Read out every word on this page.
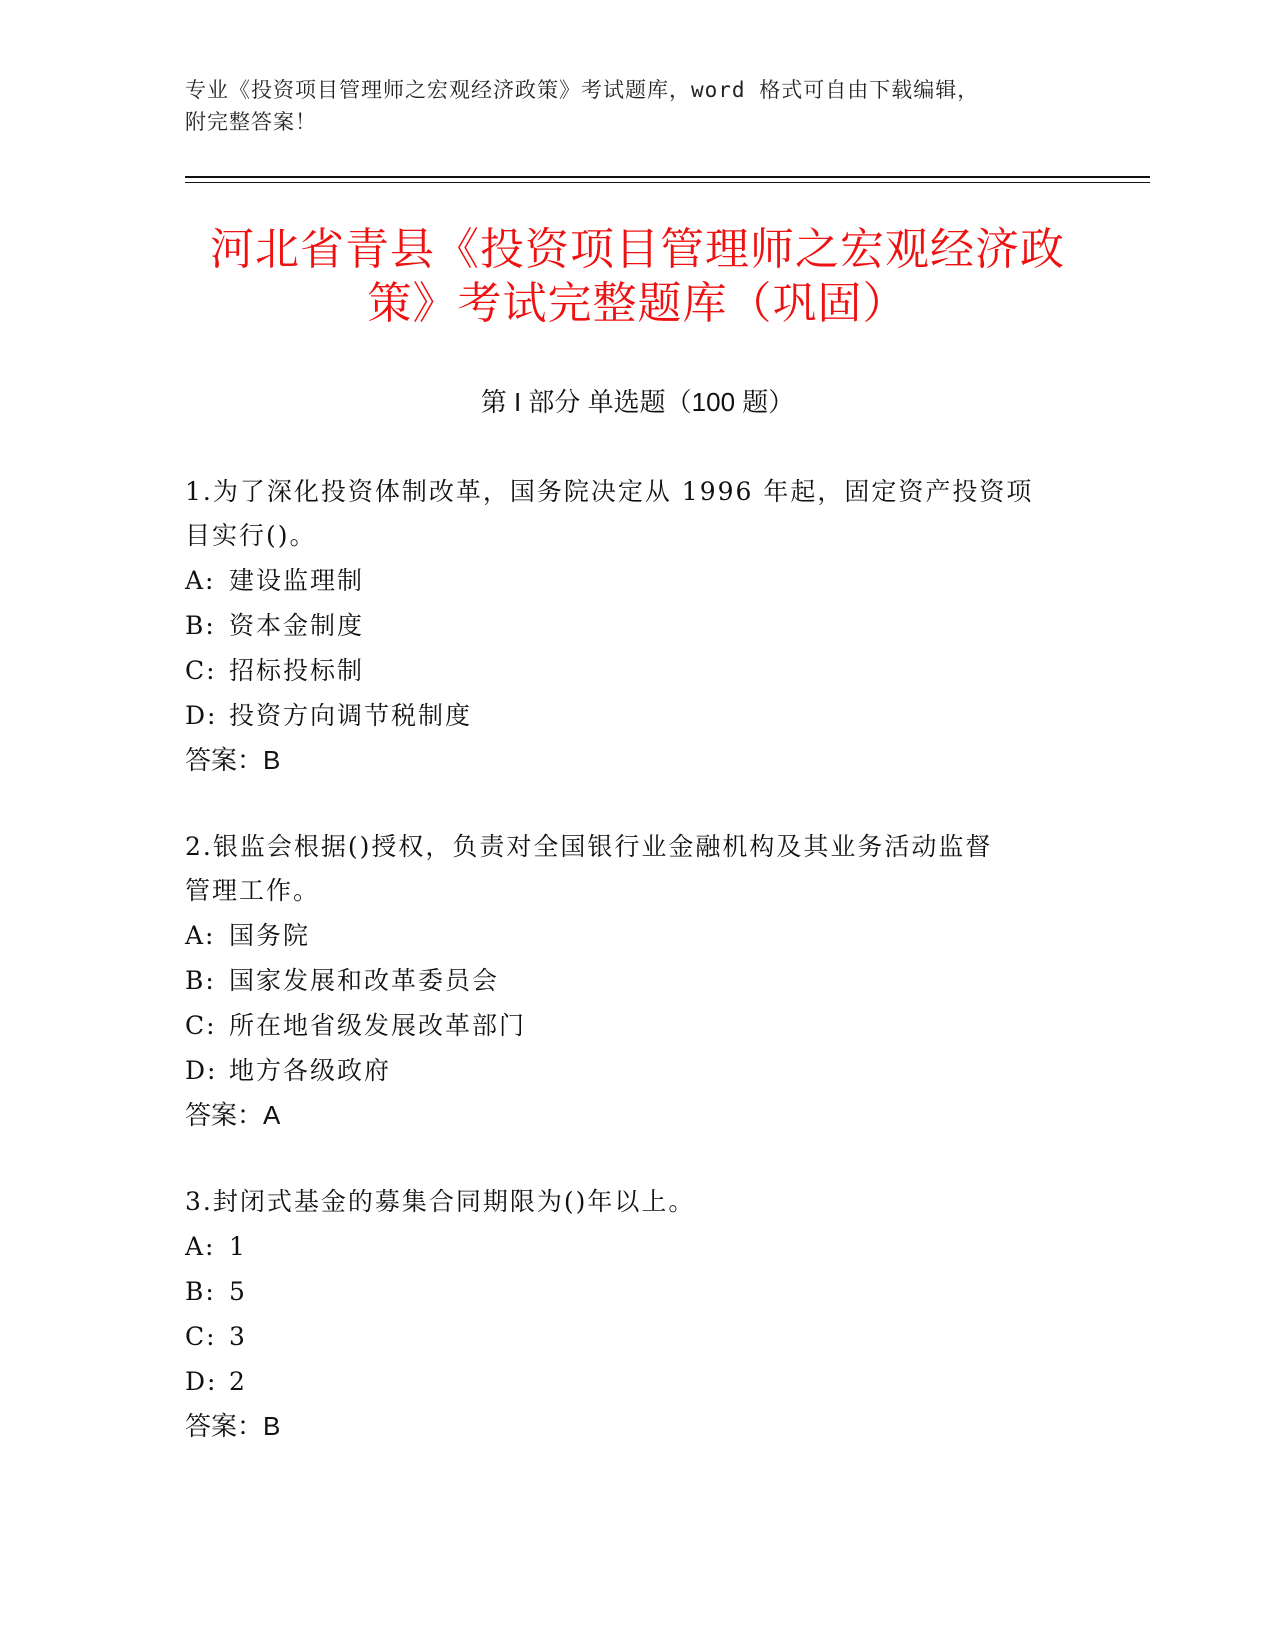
专业《投资项目管理师之宏观经济政策》考试题库，word 格式可自由下载编辑，
附完整答案！
河北省青县《投资项目管理师之宏观经济政
策》考试完整题库（巩固）
第 I 部分 单选题（100 题）
1.为了深化投资体制改革，国务院决定从 1996 年起，固定资产投资项
目实行()。
A: 建设监理制
B: 资本金制度
C: 招标投标制
D: 投资方向调节税制度
答案：B
2.银监会根据()授权，负责对全国银行业金融机构及其业务活动监督
管理工作。
A: 国务院
B: 国家发展和改革委员会
C: 所在地省级发展改革部门
D: 地方各级政府
答案：A
3.封闭式基金的募集合同期限为()年以上。
A: 1
B: 5
C: 3
D: 2
答案：B
